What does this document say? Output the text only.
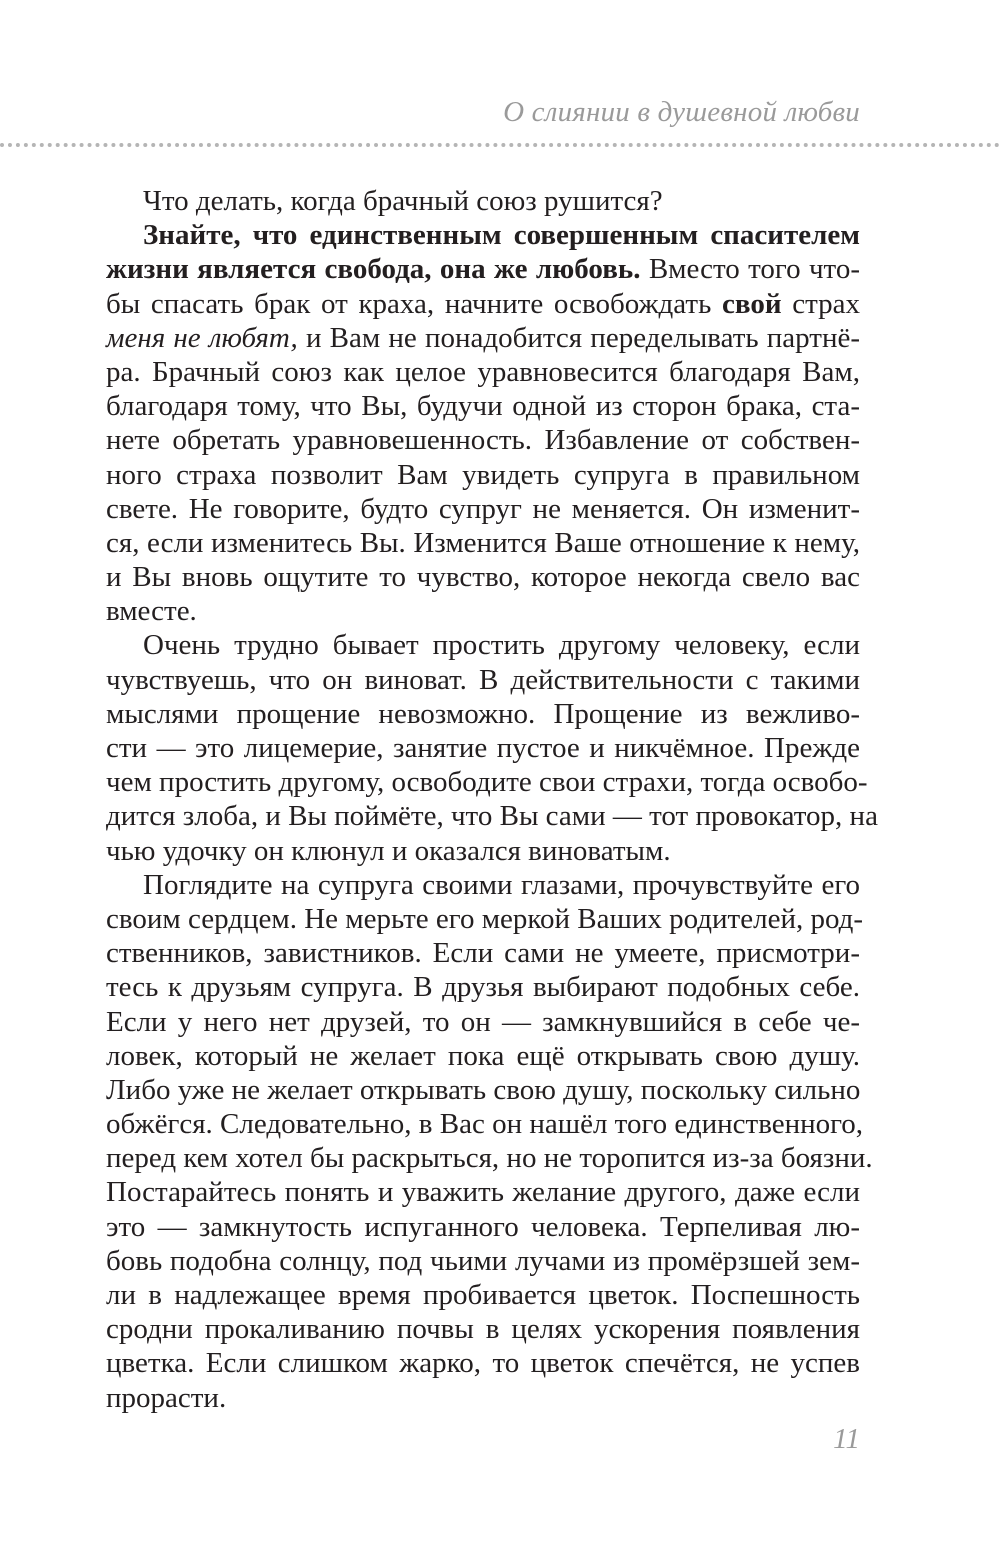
О слиянии в душевной любви
Что делать, когда брачный союз рушится?
Знайте, что единственным совершенным спасителем
жизни является свобода, она же любовь. Вместо того что-
бы спасать брак от краха, начните освобождать свой страх
меня не любят, и Вам не понадобится переделывать партнё-
ра. Брачный союз как целое уравновесится благодаря Вам,
благодаря тому, что Вы, будучи одной из сторон брака, ста-
нете обретать уравновешенность. Избавление от собствен-
ного страха позволит Вам увидеть супруга в правильном
свете. Не говорите, будто супруг не меняется. Он изменит-
ся, если изменитесь Вы. Изменится Ваше отношение к нему,
и Вы вновь ощутите то чувство, которое некогда свело вас
вместе.
Очень трудно бывает простить другому человеку, если
чувствуешь, что он виноват. В действительности с такими
мыслями прощение невозможно. Прощение из вежливо-
сти — это лицемерие, занятие пустое и никчёмное. Прежде
чем простить другому, освободите свои страхи, тогда освобо-
дится злоба, и Вы поймёте, что Вы сами — тот провокатор, на
чью удочку он клюнул и оказался виноватым.
Поглядите на супруга своими глазами, прочувствуйте его
своим сердцем. Не мерьте его меркой Ваших родителей, род-
ственников, завистников. Если сами не умеете, присмотри-
тесь к друзьям супруга. В друзья выбирают подобных себе.
Если у него нет друзей, то он — замкнувшийся в себе че-
ловек, который не желает пока ещё открывать свою душу.
Либо уже не желает открывать свою душу, поскольку сильно
обжёгся. Следовательно, в Вас он нашёл того единственного,
перед кем хотел бы раскрыться, но не торопится из-за боязни.
Постарайтесь понять и уважить желание другого, даже если
это — замкнутость испуганного человека. Терпеливая лю-
бовь подобна солнцу, под чьими лучами из промёрзшей зем-
ли в надлежащее время пробивается цветок. Поспешность
сродни прокаливанию почвы в целях ускорения появления
цветка. Если слишком жарко, то цветок спечётся, не успев
прорасти.
11
